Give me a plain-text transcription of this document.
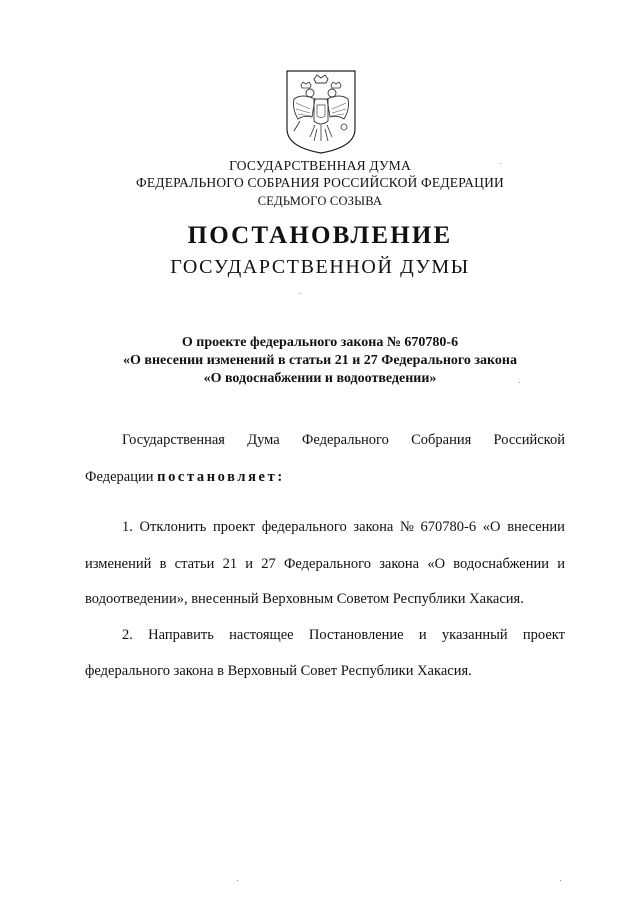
ГОСУДАРСТВЕННАЯ ДУМА
ФЕДЕРАЛЬНОГО СОБРАНИЯ РОССИЙСКОЙ ФЕДЕРАЦИИ
СЕДЬМОГО СОЗЫВА
ПОСТАНОВЛЕНИЕ
ГОСУДАРСТВЕННОЙ ДУМЫ
О проекте федерального закона № 670780-6
«О внесении изменений в статьи 21 и 27 Федерального закона
«О водоснабжении и водоотведении»
Государственная Дума Федерального Собрания Российской
Федерации постановляет:
1. Отклонить проект федерального закона № 670780-6 «О внесении
изменений в статьи 21 и 27 Федерального закона «О водоснабжении и
водоотведении», внесенный Верховным Советом Республики Хакасия.
2. Направить настоящее Постановление и указанный проект
федерального закона в Верховный Совет Республики Хакасия.
